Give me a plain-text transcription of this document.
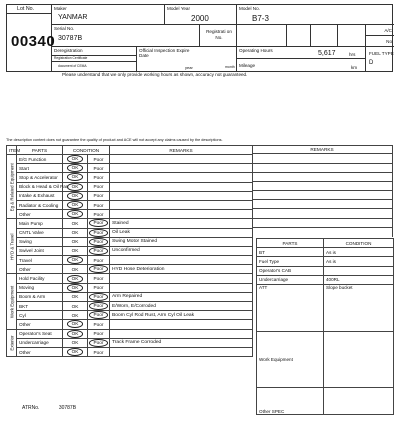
Lot No.
00340
Maker
YANMAR
Model Year
2000
Model No.
B7-3
Serial No.
30787B
Registrati on No.
A/C
No
Deregistration
Registration Certificate
document of CEMA
Official Inspection Expire Date
year	month
Operating Hours	5,617	hrs
Mileage	km
FUEL TYPE
D
Please understand that we only provide working hours as shown, accuracy not guaranteed.
The description content does not guarantee the quality of product and ACE will not accept any claims caused by the descriptions.
ITEM	PARTS	CONDITION		REMARKS
Eg & Related Equipment	E/G Function	OK	Poor	
	Start	OK	Poor	
	Stop & Accelerator	OK	Poor	
	Block & Head & Oil Pan	OK	Poor	
	Intake & Exhaust	OK	Poor	
	Radiator & Cooling	OK	Poor	
	Other	OK	Poor	
HYD & Travel	Main Pump	OK	Poor	Stained
	CNTL Valve	OK	Poor	Oil Leak
	Swing	OK	Poor	Swing Motor Stained
	Swivel Joint	OK	Poor	Unconfirmed
	Travel	OK	Poor	
	Other	OK	Poor	HYD Hose Deterioration
Work Equipment	Hold Facility	OK	Poor	
	Moving	OK	Poor	
	Boom & Arm	OK	Poor	Arm Repaired
	BKT	OK	Poor	E/Worn, E/Corroded
	Cyl	OK	Poor	Boom Cyl Rod Rust, Arm Cyl Oil Leak
	Other	OK	Poor	
Exterior	Operator's Seat	OK	Poor	
	Undercarriage	OK	Poor	Track Frame Corroded
	Other	OK	Poor	
REMARKS
PARTS	CONDITION
BT	As is
Fuel Type	As is
Operator's CAB	
Undercarriage	400RL
ATT	Slope bucket
Work Equipment	
Other SPEC	
ATRNo.	30787B
